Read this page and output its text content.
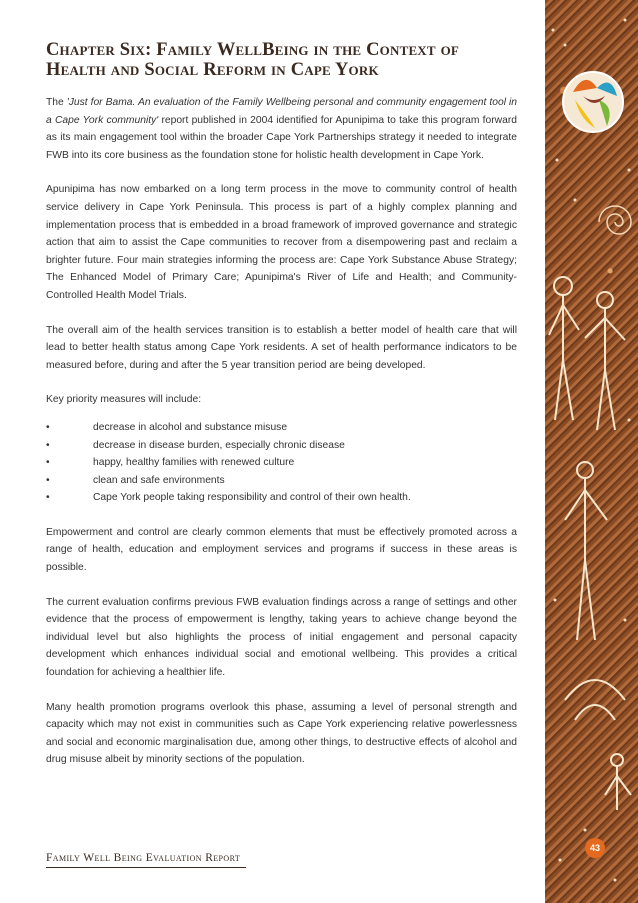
Chapter Six: Family WellBeing in the Context of
Health and Social Reform in Cape York

The 'Just for Bama. An evaluation of the Family Wellbeing personal and community engagement tool in a Cape York community' report published in 2004 identified for Apunipima to take this program forward as its main engagement tool within the broader Cape York Partnerships strategy it needed to integrate FWB into its core business as the foundation stone for holistic health development in Cape York.

Apunipima has now embarked on a long term process in the move to community control of health service delivery in Cape York Peninsula. This process is part of a highly complex planning and implementation process that is embedded in a broad framework of improved governance and strategic action that aim to assist the Cape communities to recover from a disempowering past and reclaim a brighter future. Four main strategies informing the process are: Cape York Substance Abuse Strategy; The Enhanced Model of Primary Care; Apunipima's River of Life and Health; and Community-Controlled Health Model Trials.

The overall aim of the health services transition is to establish a better model of health care that will lead to better health status among Cape York residents. A set of health performance indicators to be measured before, during and after the 5 year transition period are being developed.

Key priority measures will include:

•	decrease in alcohol and substance misuse
•	decrease in disease burden, especially chronic disease
•	happy, healthy families with renewed culture
•	clean and safe environments
•	Cape York people taking responsibility and control of their own health.

Empowerment and control are clearly common elements that must be effectively promoted across a range of health, education and employment services and programs if success in these areas is possible.

The current evaluation confirms previous FWB evaluation findings across a range of settings and other evidence that the process of empowerment is lengthy, taking years to achieve change beyond the individual level but also highlights the process of initial engagement and personal capacity development which enhances individual social and emotional wellbeing. This provides a critical foundation for achieving a healthier life.

Many health promotion programs overlook this phase, assuming a level of personal strength and capacity which may not exist in communities such as Cape York experiencing relative powerlessness and social and economic marginalisation due, among other things, to destructive effects of alcohol and drug misuse albeit by minority sections of the population.

Family Well Being Evaluation Report
43
